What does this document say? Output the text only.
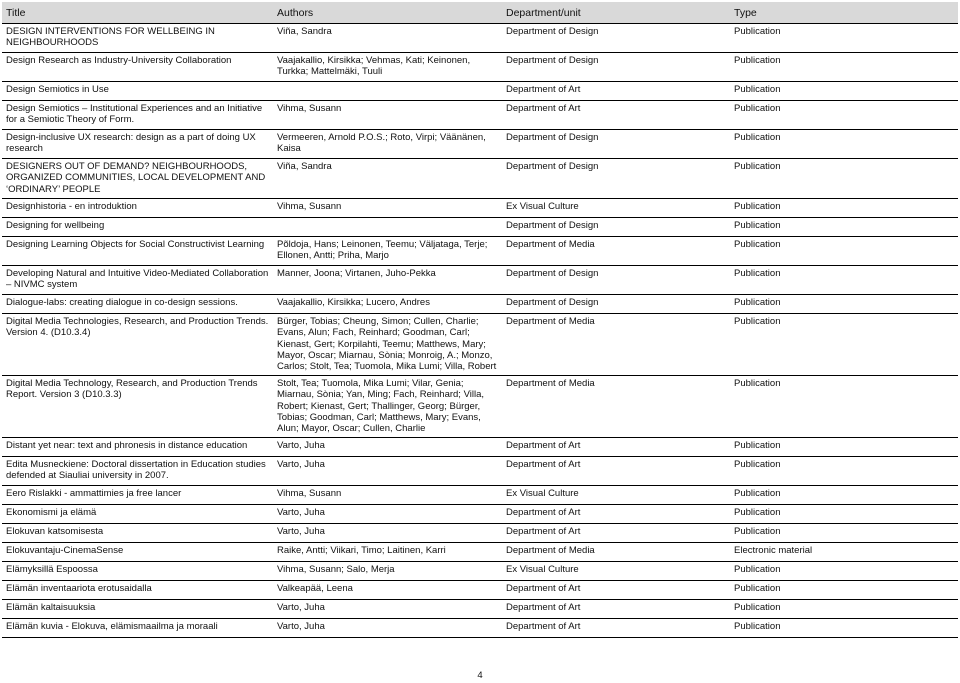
Title	Authors	Department/unit	Type
DESIGN INTERVENTIONS FOR WELLBEING IN NEIGHBOURHOODS	Viña, Sandra	Department of Design	Publication
Design Research as Industry-University Collaboration	Vaajakallio, Kirsikka; Vehmas, Kati; Keinonen, Turkka; Mattelmäki, Tuuli	Department of Design	Publication
Design Semiotics in Use		Department of Art	Publication
Design Semiotics – Institutional Experiences and an Initiative for a Semiotic Theory of Form.	Vihma, Susann	Department of Art	Publication
Design-inclusive UX research: design as a part of doing UX research	Vermeeren, Arnold P.O.S.; Roto, Virpi; Väänänen, Kaisa	Department of Design	Publication
DESIGNERS OUT OF DEMAND? NEIGHBOURHOODS, ORGANIZED COMMUNITIES, LOCAL DEVELOPMENT AND ‘ORDINARY’ PEOPLE	Viña, Sandra	Department of Design	Publication
Designhistoria - en introduktion	Vihma, Susann	Ex Visual Culture	Publication
Designing for wellbeing		Department of Design	Publication
Designing Learning Objects for Social Constructivist Learning	Põldoja, Hans; Leinonen, Teemu; Väljataga, Terje; Ellonen, Antti; Priha, Marjo	Department of Media	Publication
Developing Natural and Intuitive Video-Mediated Collaboration – NIVMC system	Manner, Joona; Virtanen, Juho-Pekka	Department of Design	Publication
Dialogue-labs: creating dialogue in co-design sessions.	Vaajakallio, Kirsikka; Lucero, Andres	Department of Design	Publication
Digital Media Technologies, Research, and Production Trends. Version 4. (D10.3.4)	Bürger, Tobias; Cheung, Simon; Cullen, Charlie; Evans, Alun; Fach, Reinhard; Goodman, Carl; Kienast, Gert; Korpilahti, Teemu; Matthews, Mary; Mayor, Oscar; Miarnau, Sònia; Monroig, A.; Monzo, Carlos; Stolt, Tea; Tuomola, Mika Lumi; Villa, Robert	Department of Media	Publication
Digital Media Technology, Research, and Production Trends Report. Version 3 (D10.3.3)	Stolt, Tea; Tuomola, Mika Lumi; Vilar, Genia; Miarnau, Sònia; Yan, Ming; Fach, Reinhard; Villa, Robert; Kienast, Gert; Thallinger, Georg; Bürger, Tobias; Goodman, Carl; Matthews, Mary; Evans, Alun; Mayor, Oscar; Cullen, Charlie	Department of Media	Publication
Distant yet near: text and phronesis in distance education	Varto, Juha	Department of Art	Publication
Edita Musneckiene: Doctoral dissertation in Education studies defended at Siauliai university in 2007.	Varto, Juha	Department of Art	Publication
Eero Rislakki - ammattimies ja free lancer	Vihma, Susann	Ex Visual Culture	Publication
Ekonomismi ja elämä	Varto, Juha	Department of Art	Publication
Elokuvan katsomisesta	Varto, Juha	Department of Art	Publication
Elokuvantaju-CinemaSense	Raike, Antti; Viikari, Timo; Laitinen, Karri	Department of Media	Electronic material
Elämyksillä Espoossa	Vihma, Susann; Salo, Merja	Ex Visual Culture	Publication
Elämän inventaariota erotusaidalla	Valkeapää, Leena	Department of Art	Publication
Elämän kaltaisuuksia	Varto, Juha	Department of Art	Publication
Elämän kuvia - Elokuva, elämismaailma ja moraali	Varto, Juha	Department of Art	Publication
4
